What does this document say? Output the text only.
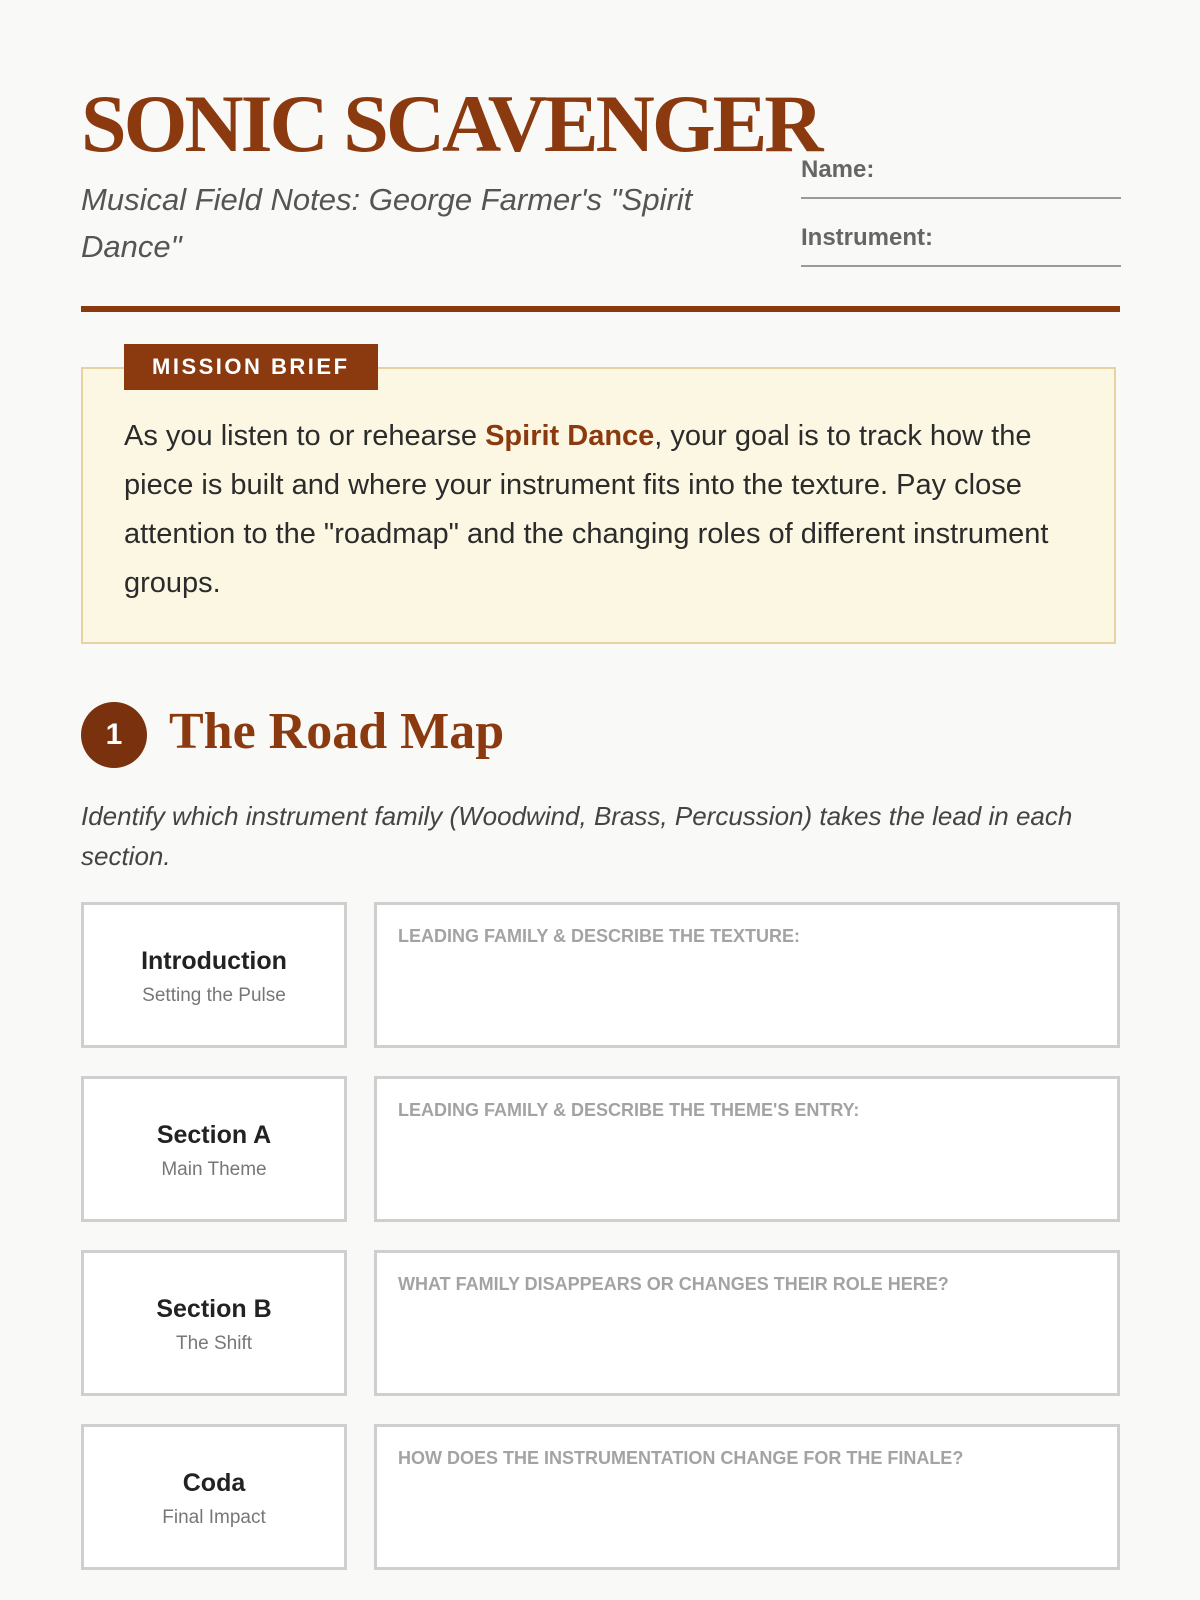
SONIC SCAVENGER

Musical Field Notes: George Farmer's "Spirit Dance"

Name:
Instrument:
MISSION BRIEF

As you listen to or rehearse Spirit Dance, your goal is to track how the piece is built and where your instrument fits into the texture. Pay close attention to the "roadmap" and the changing roles of different instrument groups.

1 The Road Map

Identify which instrument family (Woodwind, Brass, Percussion) takes the lead in each section.

Introduction
Setting the Pulse
LEADING FAMILY & DESCRIBE THE TEXTURE:
Section A
Main Theme
LEADING FAMILY & DESCRIBE THE THEME'S ENTRY:
Section B
The Shift
WHAT FAMILY DISAPPEARS OR CHANGES THEIR ROLE HERE?
Coda
Final Impact
HOW DOES THE INSTRUMENTATION CHANGE FOR THE FINALE?
